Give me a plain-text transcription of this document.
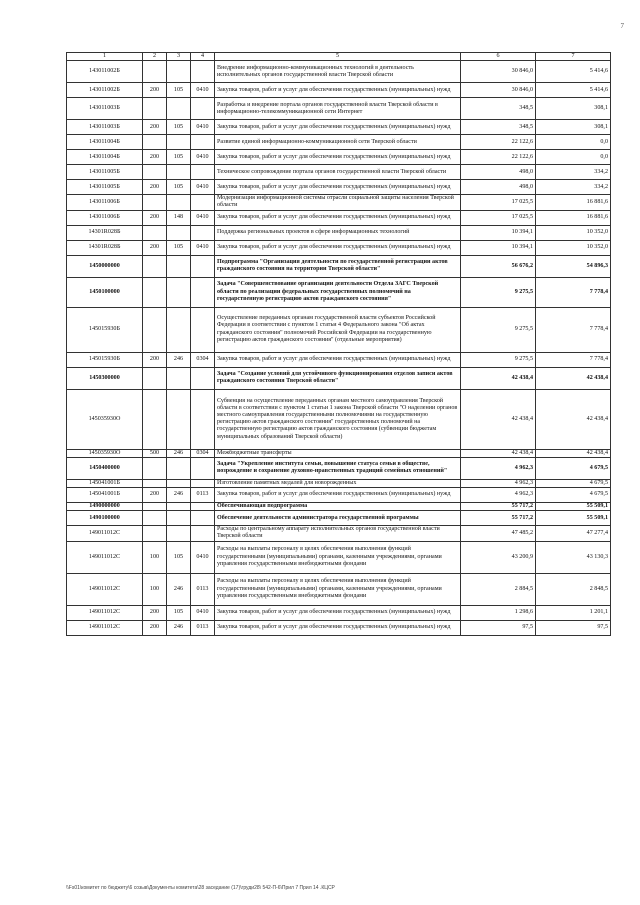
7
1	2	3	4	5	6	7
143011002Б				Внедрение информационно-коммуникационных технологий в деятельность исполнительных органов государственной власти Тверской области	30 846,0	5 414,6
143011002Б	200	105	0410	Закупка товаров, работ и услуг для обеспечения государственных (муниципальных) нужд	30 846,0	5 414,6
143011003Б				Разработка и внедрение портала органов государственной власти Тверской области в информационно-телекоммуникационной сети Интернет	348,5	308,1
143011003Б	200	105	0410	Закупка товаров, работ и услуг для обеспечения государственных (муниципальных) нужд	348,5	308,1
143011004Б				Развитие единой информационно-коммуникационной сети Тверской области	22 122,6	0,0
143011004Б	200	105	0410	Закупка товаров, работ и услуг для обеспечения государственных (муниципальных) нужд	22 122,6	0,0
143011005Б				Техническое сопровождение портала органов государственной власти Тверской области	498,0	334,2
143011005Б	200	105	0410	Закупка товаров, работ и услуг для обеспечения государственных (муниципальных) нужд	498,0	334,2
143011006Б				Модернизация информационной системы отрасли социальной защиты населения Тверской области	17 025,5	16 881,6
143011006Б	200	148	0410	Закупка товаров, работ и услуг для обеспечения государственных (муниципальных) нужд	17 025,5	16 881,6
14301R028Б				Поддержка региональных проектов в сфере информационных технологий	10 394,1	10 352,0
14301R028Б	200	105	0410	Закупка товаров, работ и услуг для обеспечения государственных (муниципальных) нужд	10 394,1	10 352,0
1450000000				Подпрограмма "Организация деятельности по государственной регистрации актов гражданского состояния на территории Тверской области"	56 676,2	54 896,3
1450100000				Задача "Совершенствование организации деятельности Отдела ЗАГС Тверской области по реализации федеральных государственных полномочий на государственную регистрацию актов гражданского состояния"	9 275,5	7 778,4
145015930Б				Осуществление переданных органам государственной власти субъектов Российской Федерации в соответствии с пунктом 1 статьи 4 Федерального закона "Об актах гражданского состояния" полномочий Российской Федерации на государственную регистрацию актов гражданского состояния" (отдельные мероприятия)	9 275,5	7 778,4
145015930Б	200	246	0304	Закупка товаров, работ и услуг для обеспечения государственных (муниципальных) нужд	9 275,5	7 778,4
1450300000				Задача "Создание условий для устойчивого функционирования отделов записи актов гражданского состояния Тверской области"	42 438,4	42 438,4
145035930О				Субвенция на осуществление переданных органам местного самоуправления Тверской области в соответствии с пунктом 1 статьи 1 закона Тверской области "О наделении органов местного самоуправления государственными полномочиями на государственную регистрацию актов гражданского состояния" государственных полномочий на государственную регистрацию актов гражданского состояния (субвенции бюджетам муниципальных образований Тверской области)	42 438,4	42 438,4
145035930О	500	246	0304	Межбюджетные трансферты	42 438,4	42 438,4
1450400000				Задача "Укрепление института семьи, повышение статуса семьи в обществе, возрождение и сохранение духовно-нравственных традиций семейных отношений"	4 962,3	4 679,5
145041001Б				Изготовление памятных медалей для новорожденных	4 962,3	4 679,5
145041001Б	200	246	0113	Закупка товаров, работ и услуг для обеспечения государственных (муниципальных) нужд	4 962,3	4 679,5
1490000000				Обеспечивающая подпрограмма	55 717,2	55 509,1
1490100000				Обеспечение деятельности администратора государственной программы	55 717,2	55 509,1
149011012С				Расходы по центральному аппарату исполнительных органов государственной власти Тверской области	47 485,2	47 277,4
149011012С	100	105	0410	Расходы на выплаты персоналу в целях обеспечения выполнения функций государственными (муниципальными) органами, казенными учреждениями, органами управления государственными внебюджетными фондами	43 200,9	43 130,3
149011012С	100	246	0113	Расходы на выплаты персоналу в целях обеспечения выполнения функций государственными (муниципальными) органами, казенными учреждениями, органами управления государственными внебюджетными фондами	2 884,5	2 848,5
149011012С	200	105	0410	Закупка товаров, работ и услуг для обеспечения государственных (муниципальных) нужд	1 298,6	1 201,1
149011012С	200	246	0113	Закупка товаров, работ и услуг для обеспечения государственных (муниципальных) нужд	97,5	97,5
\\Fs01\комитет по бюджету\6 созыв\Документы комитета\28 заседание (17)\груди28\ 542-П-6\Прил 7 Прил 14 .КЦСР
